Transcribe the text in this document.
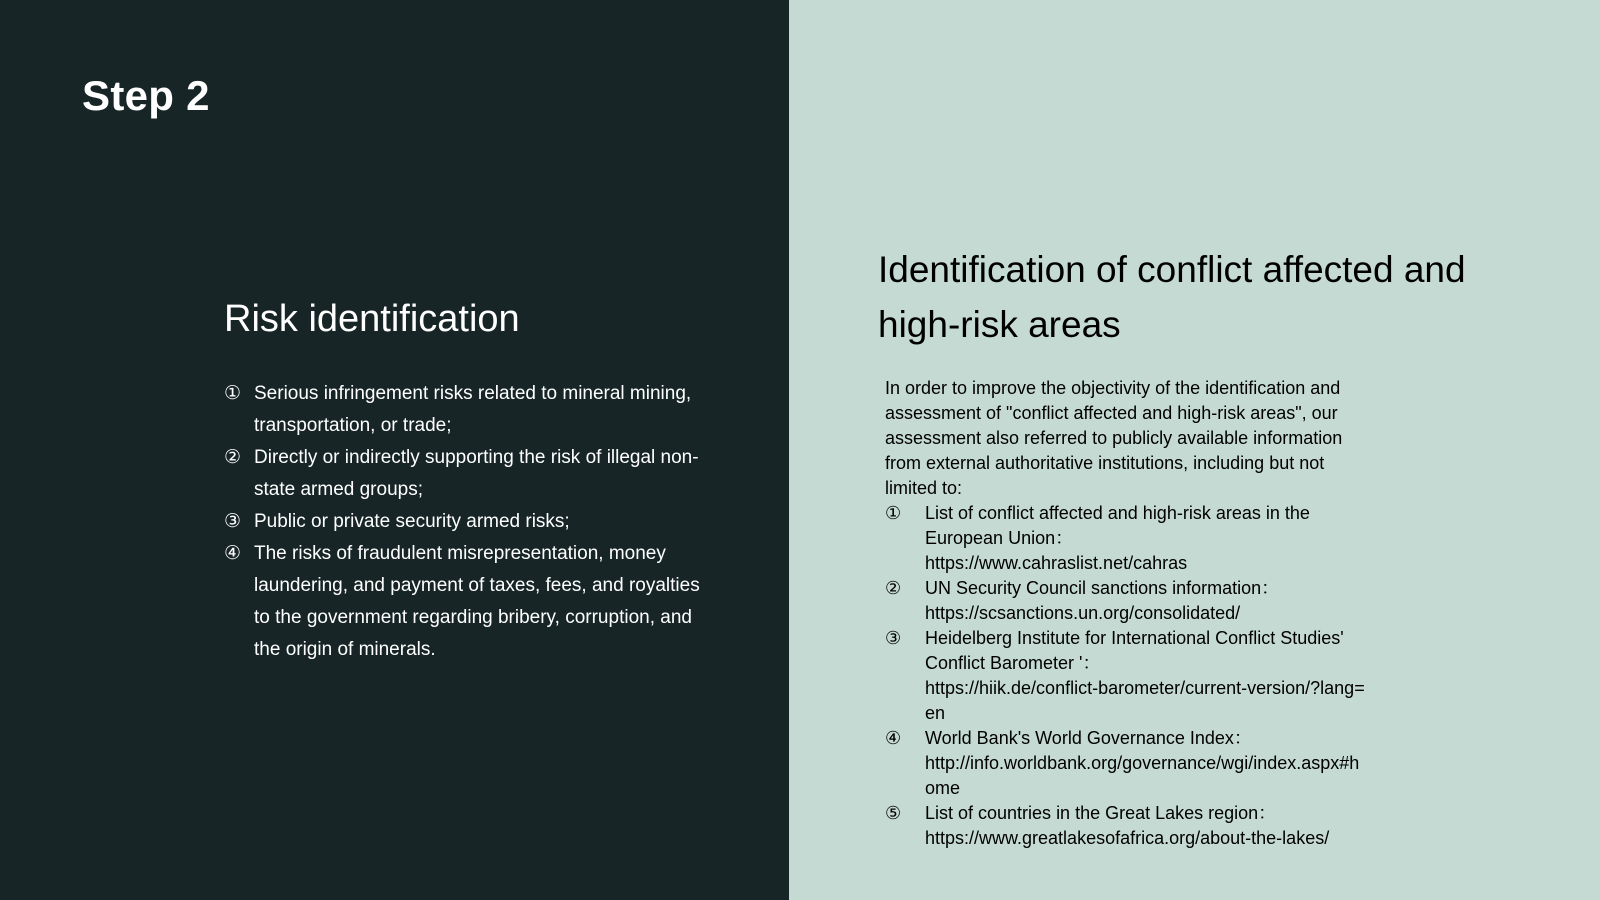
Step 2
Risk identification
① Serious infringement risks related to mineral mining, transportation, or trade;
② Directly or indirectly supporting the risk of illegal non-state armed groups;
③ Public or private security armed risks;
④ The risks of fraudulent misrepresentation, money laundering, and payment of taxes, fees, and royalties to the government regarding bribery, corruption, and the origin of minerals.
Identification of conflict affected and high-risk areas

In order to improve the objectivity of the identification and assessment of "conflict affected and high-risk areas", our assessment also referred to publicly available information from external authoritative institutions, including but not limited to:

①	List of conflict affected and high-risk areas in the European Union：
https://www.cahraslist.net/cahras
②	UN Security Council sanctions information：
https://scsanctions.un.org/consolidated/
③	Heidelberg Institute for International Conflict Studies' Conflict Barometer '：
https://hiik.de/conflict-barometer/current-version/?lang=en
④	World Bank's World Governance Index：
http://info.worldbank.org/governance/wgi/index.aspx#home
⑤	List of countries in the Great Lakes region：
https://www.greatlakesofafrica.org/about-the-lakes/
